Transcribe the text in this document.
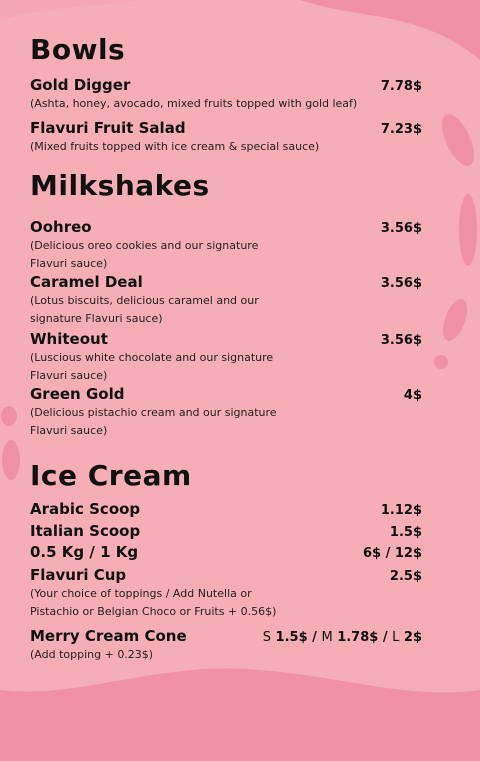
Bowls
Gold Digger	7.78$
(Ashta, honey, avocado, mixed fruits topped with gold leaf)
Flavuri Fruit Salad	7.23$
(Mixed fruits topped with ice cream & special sauce)
Milkshakes
Oohreo	3.56$
(Delicious oreo cookies and our signature Flavuri sauce)
Caramel Deal	3.56$
(Lotus biscuits, delicious caramel and our signature Flavuri sauce)
Whiteout	3.56$
(Luscious white chocolate and our signature Flavuri sauce)
Green Gold	4$
(Delicious pistachio cream and our signature Flavuri sauce)
Ice Cream
Arabic Scoop	1.12$
Italian Scoop	1.5$
0.5 Kg / 1 Kg	6$ / 12$
Flavuri Cup	2.5$
(Your choice of toppings / Add Nutella or Pistachio or Belgian Choco or Fruits + 0.56$)
Merry Cream Cone	S 1.5$ / M 1.78$ / L 2$
(Add topping + 0.23$)
